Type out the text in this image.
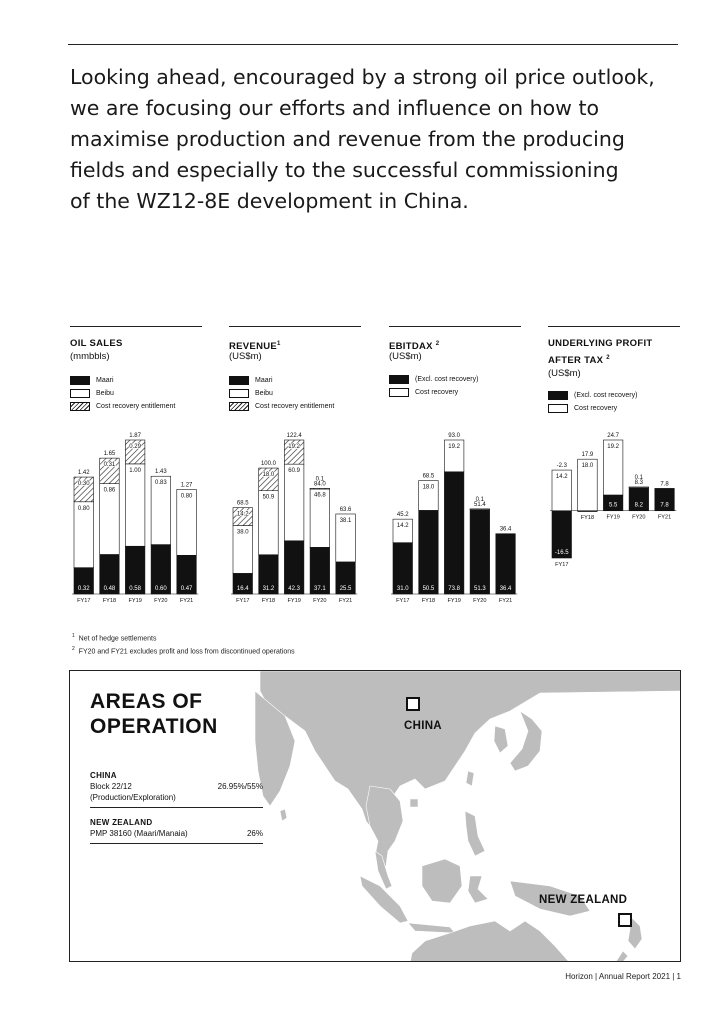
Looking ahead, encouraged by a strong oil price outlook,
we are focusing our efforts and influence on how to
maximise production and revenue from the producing
fields and especially to the successful commissioning
of the WZ12-8E development in China.
OIL SALES
(mmbbls)
Maari
Beibu
Cost recovery entitlement
0.32
0.80
0.30
1.42
FY17
0.48
0.86
0.31
1.65
FY18
0.58
1.00
0.29
1.87
FY19
0.60
0.83
1.43
FY20
0.47
0.80
1.27
FY21
REVENUE$^1$
(US$m)
Maari
Beibu
Cost recovery entitlement
16.4
38.0
14.2
68.5
FY17
31.2
50.9
18.0
100.0
FY18
42.3
60.9
19.2
122.4
FY19
37.1
46.8
0.1
84.0
FY20
25.5
38.1
63.6
FY21
EBITDAX $^2$
(US$m)
(Excl. cost recovery)
Cost recovery
31.0
14.2
45.2
FY17
50.5
18.0
68.5
FY18
73.8
19.2
93.0
FY19
51.3
0.1
51.4
FY20
36.4
36.4
FY21
UNDERLYING PROFIT
AFTER TAX $^2$
(US$m)
(Excl. cost recovery)
Cost recovery
-16.5
14.2
-2.3
FY17
18.0
17.9
FY18
5.5
19.2
24.7
FY19
8.2
0.1
8.3
FY20
7.8
7.8
FY21
$^1$ Net of hedge settlements
$^2$ FY20 and FY21 excludes profit and loss from discontinued operations
AREAS OF
OPERATION
CHINA
Block 22/12	26.95%/55%
(Production/Exploration)
NEW ZEALAND
PMP 38160 (Maari/Manaia)	26%
CHINA
NEW ZEALAND
Horizon | Annual Report 2021 | 1
